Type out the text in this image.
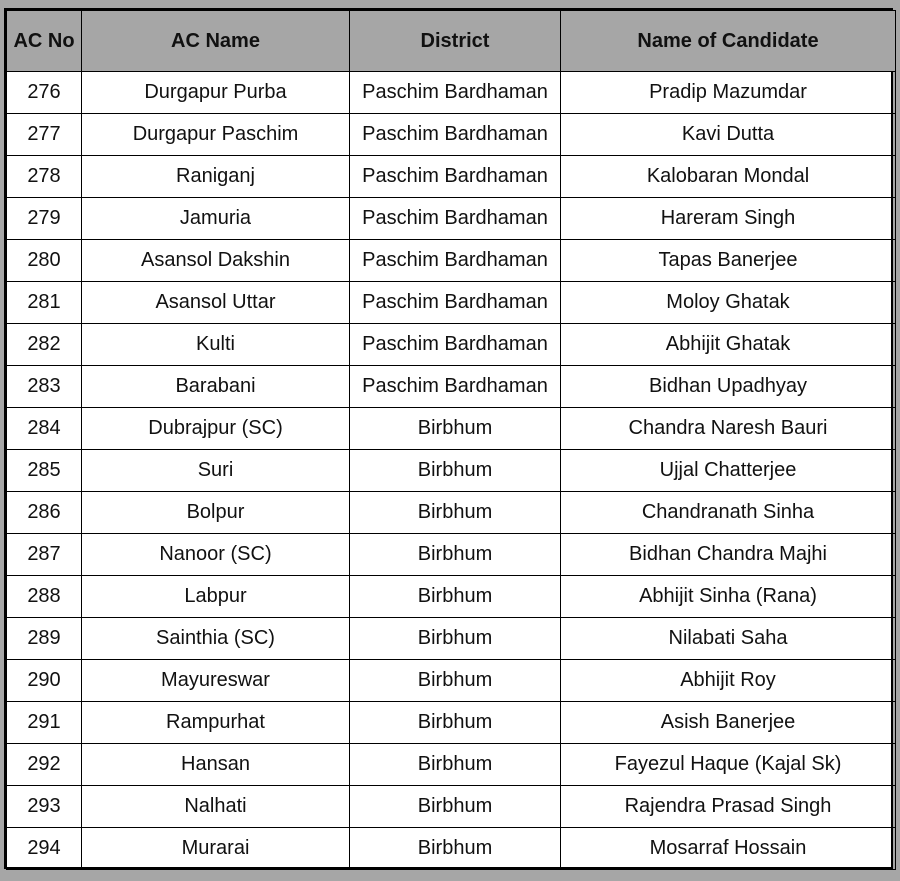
AC No	AC Name	District	Name of Candidate
276	Durgapur Purba	Paschim Bardhaman	Pradip Mazumdar
277	Durgapur Paschim	Paschim Bardhaman	Kavi Dutta
278	Raniganj	Paschim Bardhaman	Kalobaran Mondal
279	Jamuria	Paschim Bardhaman	Hareram Singh
280	Asansol Dakshin	Paschim Bardhaman	Tapas Banerjee
281	Asansol Uttar	Paschim Bardhaman	Moloy Ghatak
282	Kulti	Paschim Bardhaman	Abhijit Ghatak
283	Barabani	Paschim Bardhaman	Bidhan Upadhyay
284	Dubrajpur (SC)	Birbhum	Chandra Naresh Bauri
285	Suri	Birbhum	Ujjal Chatterjee
286	Bolpur	Birbhum	Chandranath Sinha
287	Nanoor (SC)	Birbhum	Bidhan Chandra Majhi
288	Labpur	Birbhum	Abhijit Sinha (Rana)
289	Sainthia (SC)	Birbhum	Nilabati Saha
290	Mayureswar	Birbhum	Abhijit Roy
291	Rampurhat	Birbhum	Asish Banerjee
292	Hansan	Birbhum	Fayezul Haque (Kajal Sk)
293	Nalhati	Birbhum	Rajendra Prasad Singh
294	Murarai	Birbhum	Mosarraf Hossain
